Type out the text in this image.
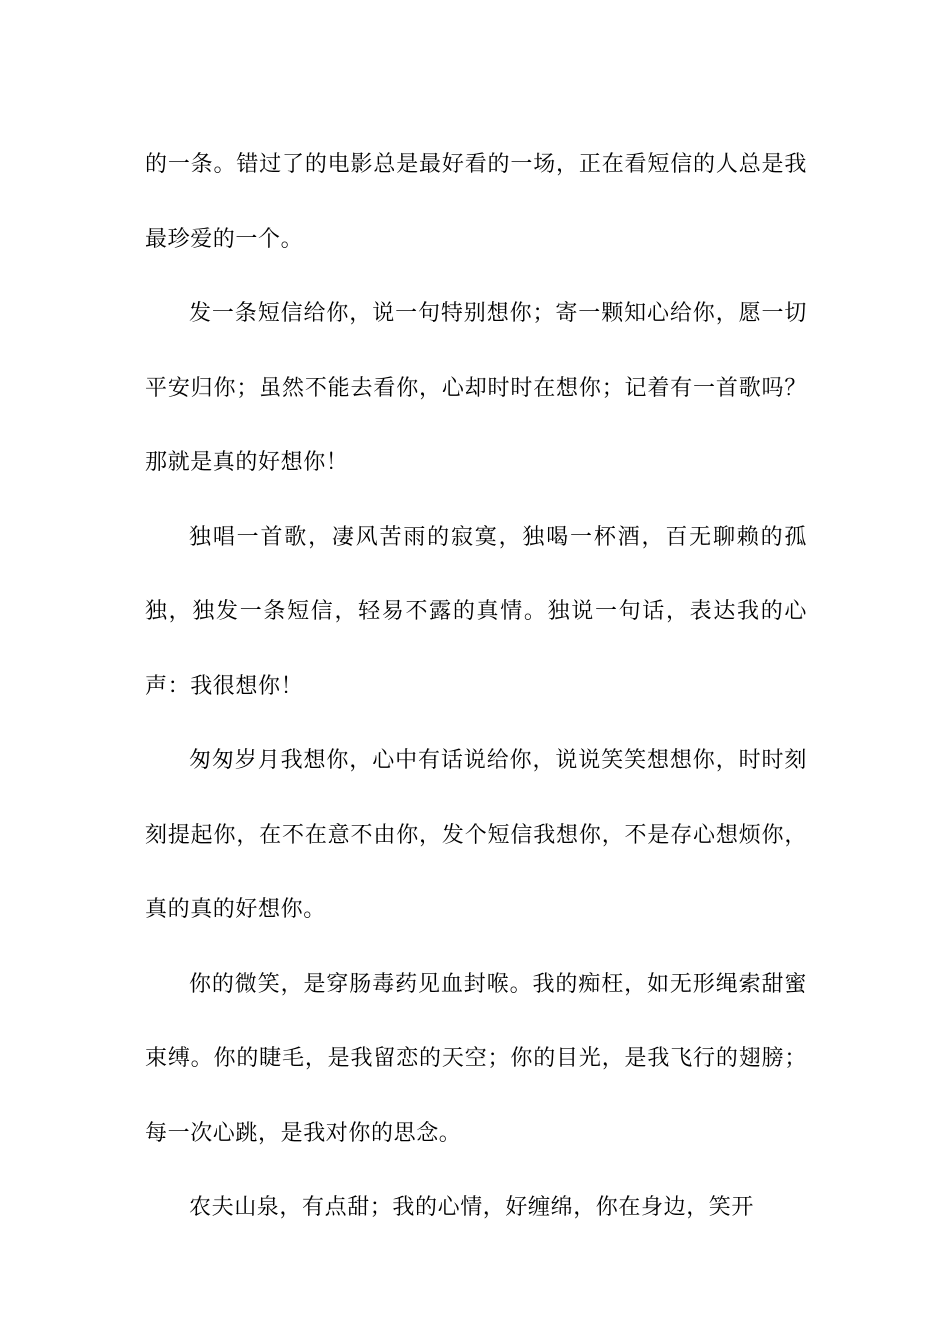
的一条。错过了的电影总是最好看的一场，正在看短信的人总是我最珍爱的一个。

发一条短信给你，说一句特别想你；寄一颗知心给你，愿一切平安归你；虽然不能去看你，心却时时在想你；记着有一首歌吗？那就是真的好想你！

独唱一首歌，凄风苦雨的寂寞，独喝一杯酒，百无聊赖的孤独，独发一条短信，轻易不露的真情。独说一句话，表达我的心声：我很想你！

匆匆岁月我想你，心中有话说给你，说说笑笑想想你，时时刻刻提起你，在不在意不由你，发个短信我想你，不是存心想烦你，真的真的好想你。

你的微笑，是穿肠毒药见血封喉。我的痴枉，如无形绳索甜蜜束缚。你的睫毛，是我留恋的天空；你的目光，是我飞行的翅膀；每一次心跳，是我对你的思念。

农夫山泉，有点甜；我的心情，好缠绵，你在身边，笑开
